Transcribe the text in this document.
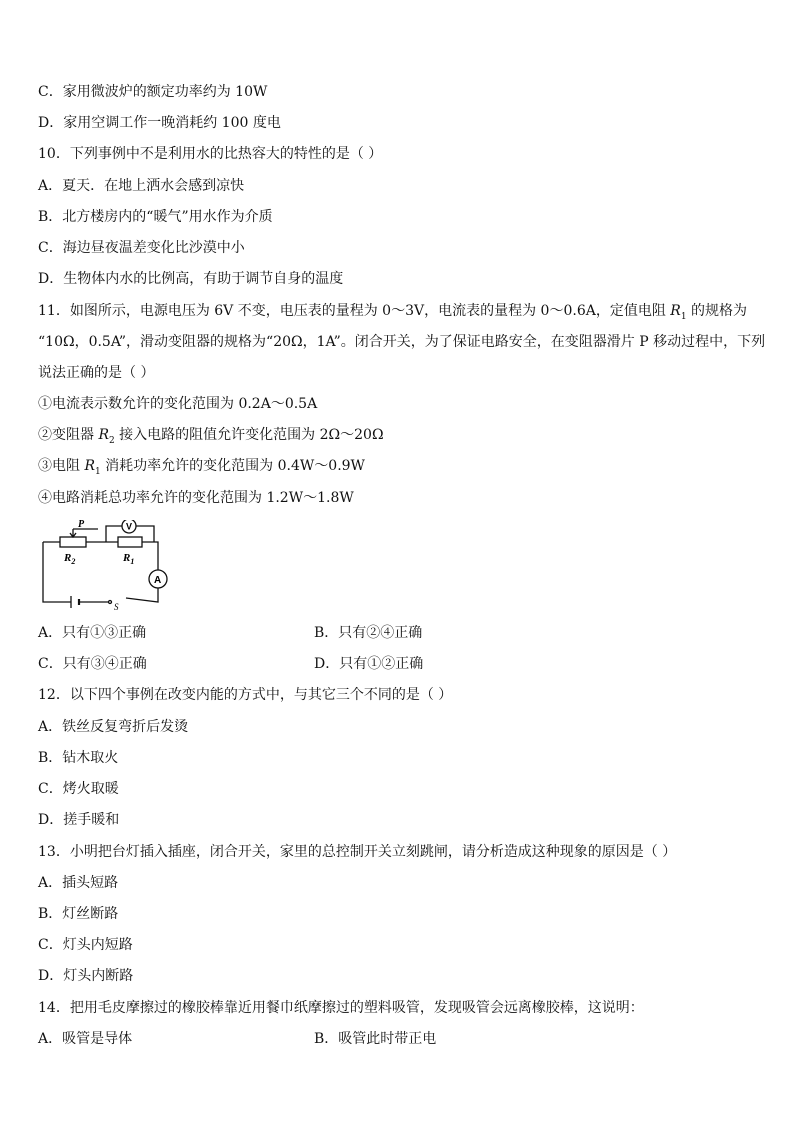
C．家用微波炉的额定功率约为 10W
D．家用空调工作一晚消耗约 100 度电
10．下列事例中不是利用水的比热容大的特性的是（ ）
A．夏天．在地上洒水会感到凉快
B．北方楼房内的“暖气”用水作为介质
C．海边昼夜温差变化比沙漠中小
D．生物体内水的比例高，有助于调节自身的温度
11．如图所示，电源电压为 6V 不变，电压表的量程为 0～3V，电流表的量程为 0～0.6A，定值电阻 $R_1$ 的规格为
“10Ω，0.5A”，滑动变阻器的规格为“20Ω，1A”。闭合开关，为了保证电路安全，在变阻器滑片 P 移动过程中，下列
说法正确的是（ ）
①电流表示数允许的变化范围为 0.2A～0.5A
②变阻器 $R_2$ 接入电路的阻值允许变化范围为 2Ω～20Ω
③电阻 $R_1$ 消耗功率允许的变化范围为 0.4W～0.9W
④电路消耗总功率允许的变化范围为 1.2W～1.8W
P	V
A
S
$R_2$	$R_1$
A．只有①③正确	B．只有②④正确
C．只有③④正确	D．只有①②正确
12．以下四个事例在改变内能的方式中，与其它三个不同的是（ ）
A．铁丝反复弯折后发烫
B．钻木取火
C．烤火取暖
D．搓手暖和
13．小明把台灯插入插座，闭合开关，家里的总控制开关立刻跳闸，请分析造成这种现象的原因是（ ）
A．插头短路
B．灯丝断路
C．灯头内短路
D．灯头内断路
14．把用毛皮摩擦过的橡胶棒靠近用餐巾纸摩擦过的塑料吸管，发现吸管会远离橡胶棒，这说明：
A．吸管是导体	B．吸管此时带正电
